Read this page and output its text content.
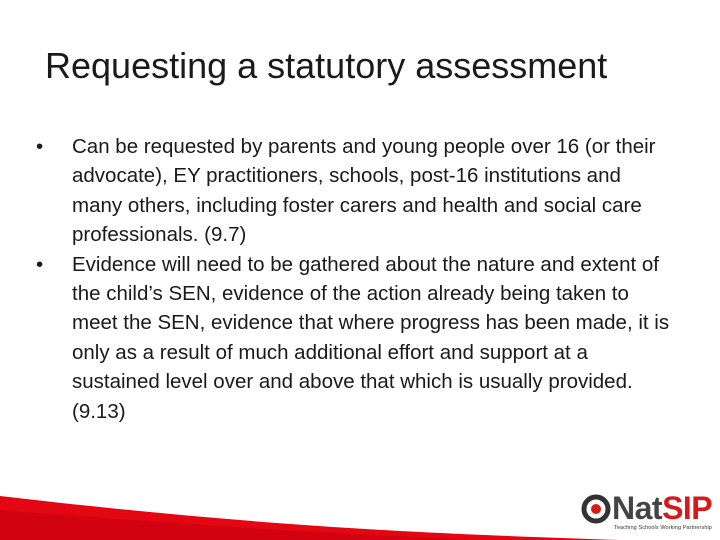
Requesting a statutory assessment
•	Can be requested by parents and young people over 16 (or their advocate), EY practitioners, schools, post-16 institutions and many others, including foster carers and health and social care professionals. (9.7)
•	Evidence will need to be gathered about the nature and extent of the child’s SEN, evidence of the action already being taken to meet the SEN, evidence that where progress has been made, it is only as a result of much additional effort and support at a sustained level over and above that which is usually provided. (9.13)
NatSIP
Teaching Schools Working Partnership
